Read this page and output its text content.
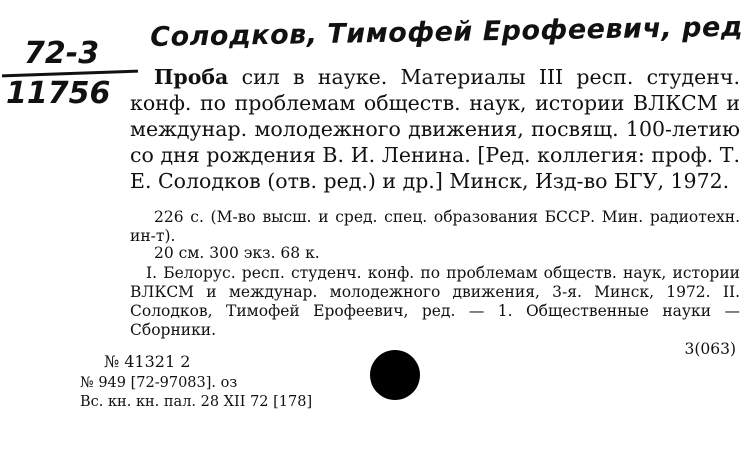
Солодков, Тимофей Ерофеевич, ред
72-3
11756	Проба сил в науке. Материалы III респ. студенч. конф. по проблемам обществ. наук, истории ВЛКСМ и междунар. молодежного движения, посвящ. 100-летию со дня рождения В. И. Ленина. [Ред. коллегия: проф. Т. Е. Солодков (отв. ред.) и др.] Минск, Изд-во БГУ, 1972.
226 с. (М-во высш. и сред. спец. образования БССР. Мин. радиотехн. ин-т).
20 см. 300 экз. 68 к.
I. Белорус. респ. студенч. конф. по проблемам обществ. наук, истории ВЛКСМ и междунар. молодежного движения, 3-я. Минск, 1972. II. Солодков, Тимофей Ерофеевич, ред. — 1. Общественные науки — Сборники.
3(063)
№ 41321 2
№ 949 [72-97083]. оз
Вс. кн. кн. пал. 28 XII 72 [178]
